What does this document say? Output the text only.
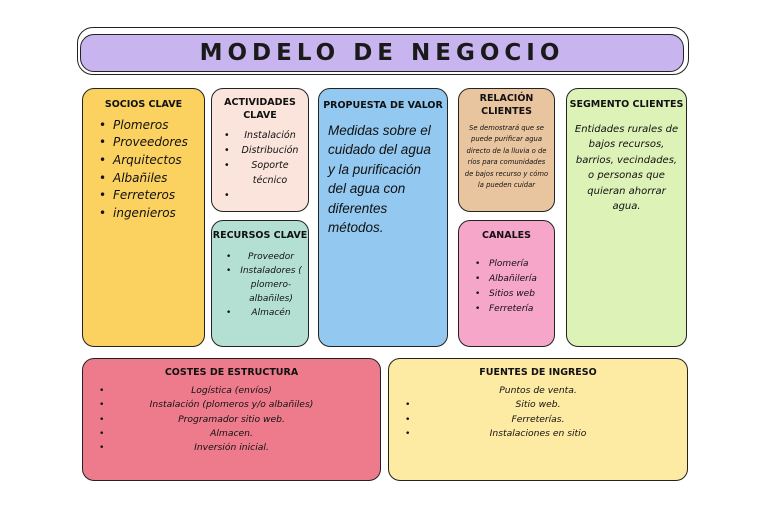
MODELO DE NEGOCIO
SOCIOS CLAVE
• Plomeros
• Proveedores
• Arquitectos
• Albañiles
• Ferreteros
• ingenieros
ACTIVIDADES CLAVE
• Instalación
• Distribución
• Soporte técnico
•
RECURSOS CLAVE
• Proveedor
• Instaladores ( plomero- albañiles)
• Almacén
PROPUESTA DE VALOR
Medidas sobre el cuidado del agua y la purificación del agua con diferentes métodos.
RELACIÓN CLIENTES
Se demostrará que se puede purificar agua directo de la lluvia o de ríos para comunidades de bajos recurso y cómo la pueden cuidar
CANALES
• Plomería
• Albañilería
• Sitios web
• Ferretería
SEGMENTO CLIENTES
Entidades rurales de bajos recursos, barrios, vecindades, o personas que quieran ahorrar agua.
COSTES DE ESTRUCTURA
• Logística (envíos)
• Instalación (plomeros y/o albañiles)
• Programador sitio web.
• Almacen.
• Inversión inicial.
FUENTES DE INGRESO
Puntos de venta.
• Sitio web.
• Ferreterías.
• Instalaciones en sitio
